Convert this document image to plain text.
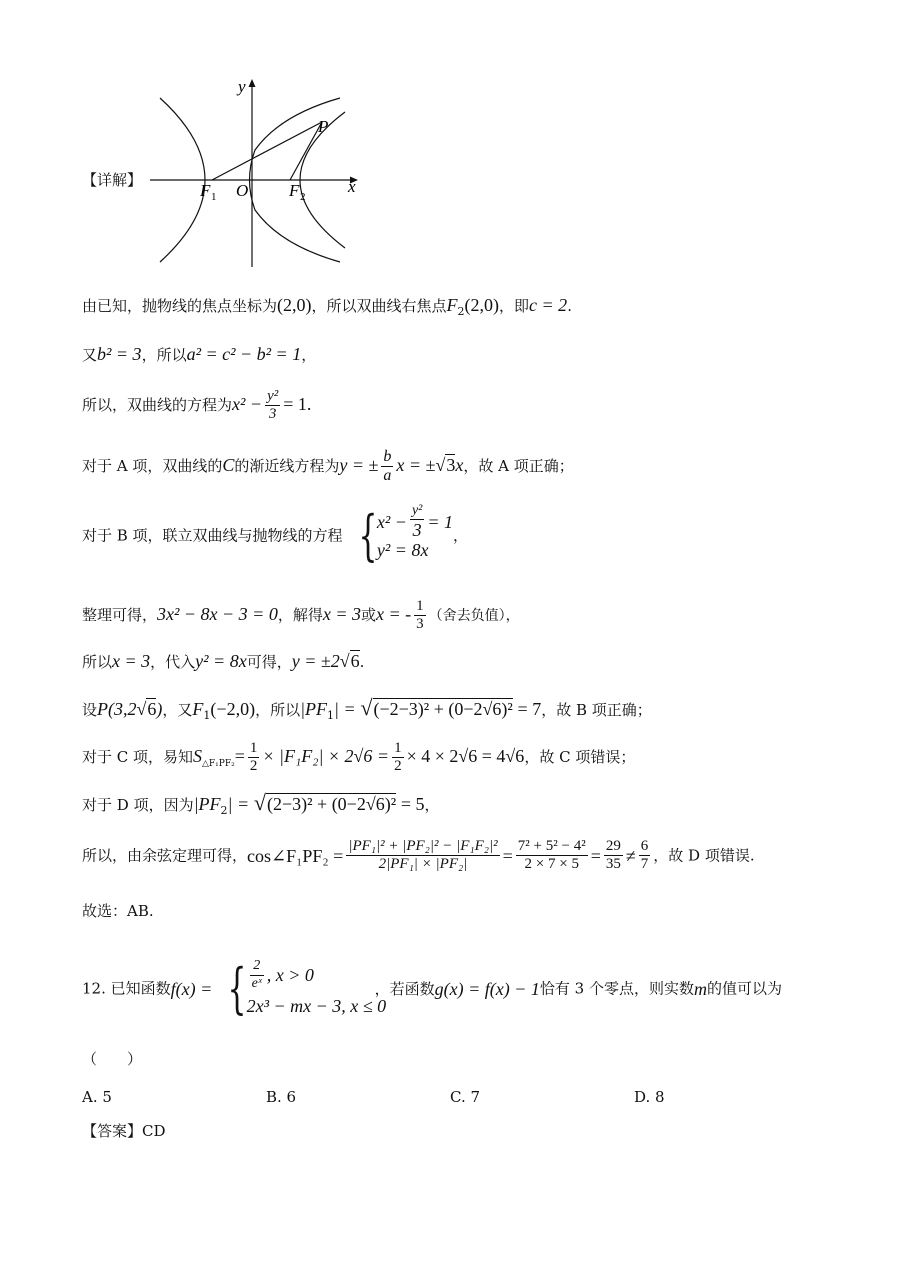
【详解】
y
x
O
P
F 1	F 2
由已知，抛物线的焦点坐标为(2,0)，所以双曲线右焦点$F_2(2,0)$，即c = 2.
又b² = 3，所以a² = c² − b² = 1，
所以，双曲线的方程为$x^2 - \frac{\text{y²}}{3} = 1$.
对于 A 项，双曲线的C的渐近线方程为y = ± $\frac{b}{a}$ x = ±√3x，故 A 项正确；
对于 B 项，联立双曲线与抛物线的方程 { $x^2 - \frac{\text{y²}}{3} = 1$
y² = 8x
，
整理可得，3x² − 8x − 3 = 0，解得x = 3或x = - $\frac{1}{3}$ （舍去负值），
所以x = 3，代入y² = 8x可得，y = ±2√6.
设P(3,2√6)，又$F_1(-2,0)$，所以$|PF_1| = √(-2-3)^2 + (0-2√6)^2 = 7$，故 B 项正确；
对于 C 项，易知$S_{\triangle F_1PF_2}= \frac{1}{2} \times |F_1F_2| \times 2√6 = \frac{1}{2} \times 4 \times 2√6 = 4√6$，故 C 项错误；
对于 D 项，因为$|PF_2| = √(2-3)^2 + (0-2√6)^2 = 5$，
所以，由余弦定理可得，cos∠F₁PF₂ = $\frac{\text{|PF₁|² + |PF₂|² − |F₁F₂|²}}{\text{2|PF₁| × |PF₂|}} = \frac{\text{7² + 5² − 4²}}{2 \times 7 \times 5} = \frac{29}{35} \ne \frac{6}{7}$ ，故 D 项错误.
故选：AB.
12. 已知函数f(x) = { $\frac{2}{\text{eˣ}}$ , x > 0
2x³ − mx − 3, x ≤ 0
，若函数g(x) = f(x) − 1恰有 3 个零点，则实数m的值可以为
（　　）
A. 5	B. 6	C. 7	D. 8
【答案】CD
